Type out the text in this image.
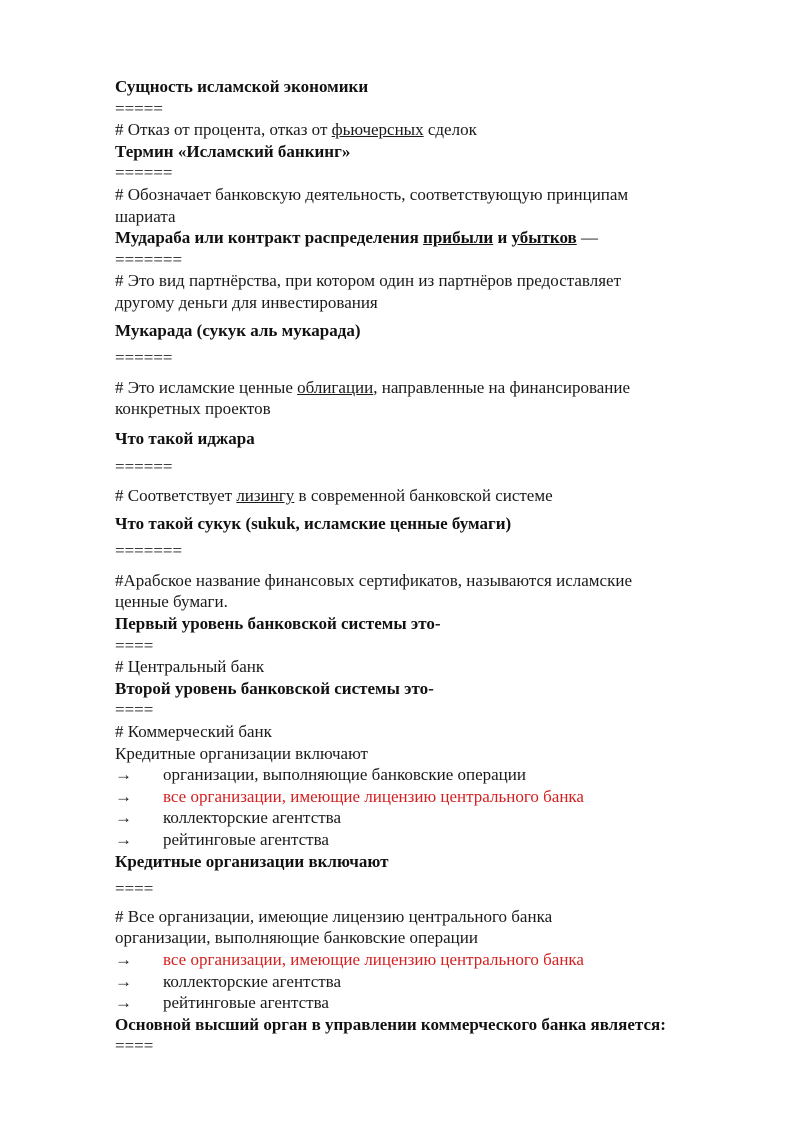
Сущность исламской экономики
=====
# Отказ от процента, отказ от фьючерсных сделок
Термин «Исламский банкинг»
======
# Обозначает банковскую деятельность, соответствующую принципам
шариата
Мудараба или контракт распределения прибыли и убытков —
=======
# Это вид партнёрства, при котором один из партнёров предоставляет
другому деньги для инвестирования
Мукарада (сукук аль мукарада)
======
# Это исламские ценные облигации, направленные на финансирование
конкретных проектов
Что такой иджара
======
# Соответствует лизингу в современной банковской системе
Что такой сукук (sukuk, исламские ценные бумаги)
=======
#Арабское название финансовых сертификатов, называются исламские
ценные бумаги.
Первый уровень банковской системы это-
====
# Центральный банк
Второй уровень банковской системы это-
====
# Коммерческий банк
Кредитные организации включают
→	организации, выполняющие банковские операции
→	все организации, имеющие лицензию центрального банка
→	коллекторские агентства
→	рейтинговые агентства
Кредитные организации включают
====
# Все организации, имеющие лицензию центрального банка
организации, выполняющие банковские операции
→	все организации, имеющие лицензию центрального банка
→	коллекторские агентства
→	рейтинговые агентства
Основной высший орган в управлении коммерческого банка является:
====
